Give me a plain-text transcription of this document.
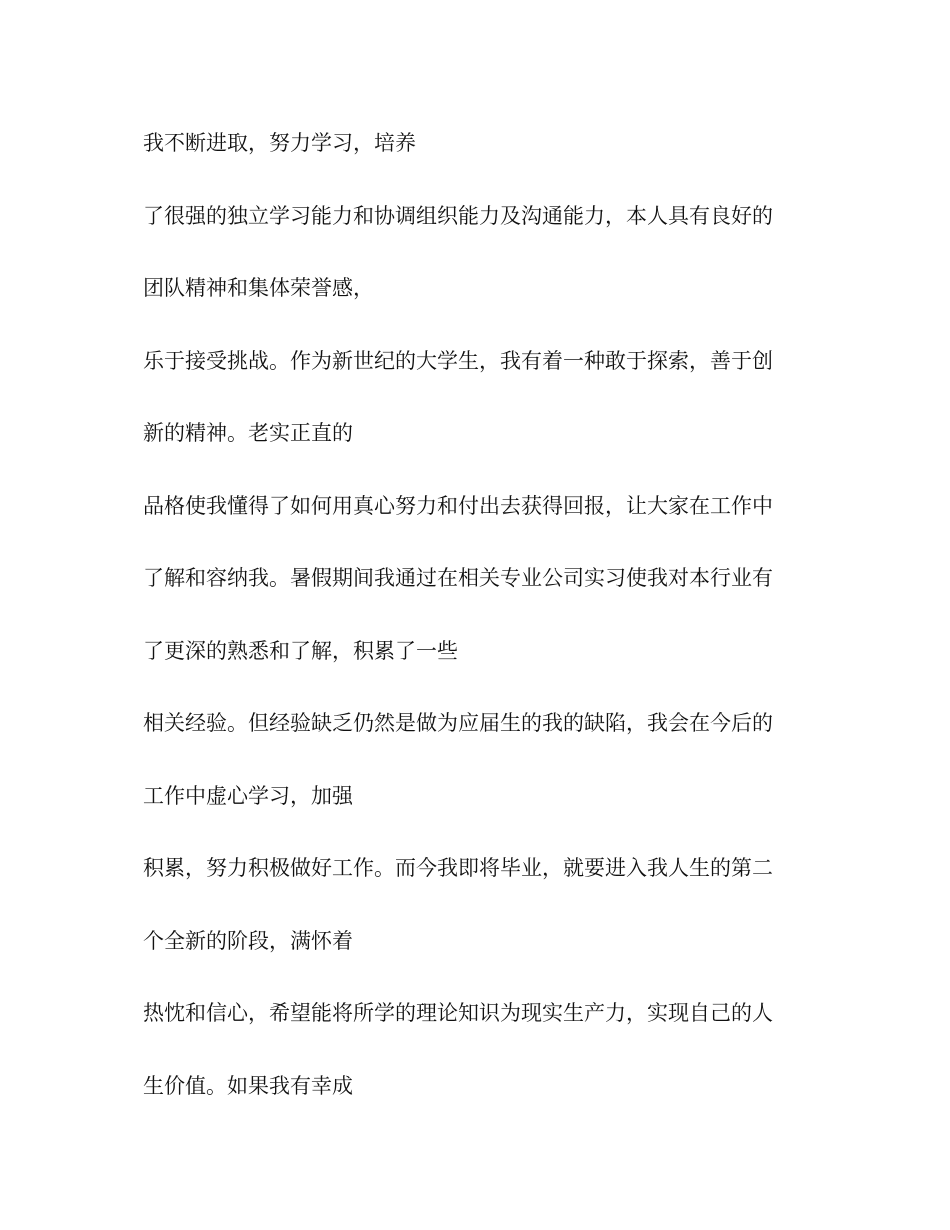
我不断进取，努力学习，培养
了很强的独立学习能力和协调组织能力及沟通能力，本人具有良好的
团队精神和集体荣誉感，
乐于接受挑战。作为新世纪的大学生，我有着一种敢于探索，善于创
新的精神。老实正直的
品格使我懂得了如何用真心努力和付出去获得回报，让大家在工作中
了解和容纳我。暑假期间我通过在相关专业公司实习使我对本行业有
了更深的熟悉和了解，积累了一些
相关经验。但经验缺乏仍然是做为应届生的我的缺陷，我会在今后的
工作中虚心学习，加强
积累，努力积极做好工作。而今我即将毕业，就要进入我人生的第二
个全新的阶段，满怀着
热忱和信心，希望能将所学的理论知识为现实生产力，实现自己的人
生价值。如果我有幸成
